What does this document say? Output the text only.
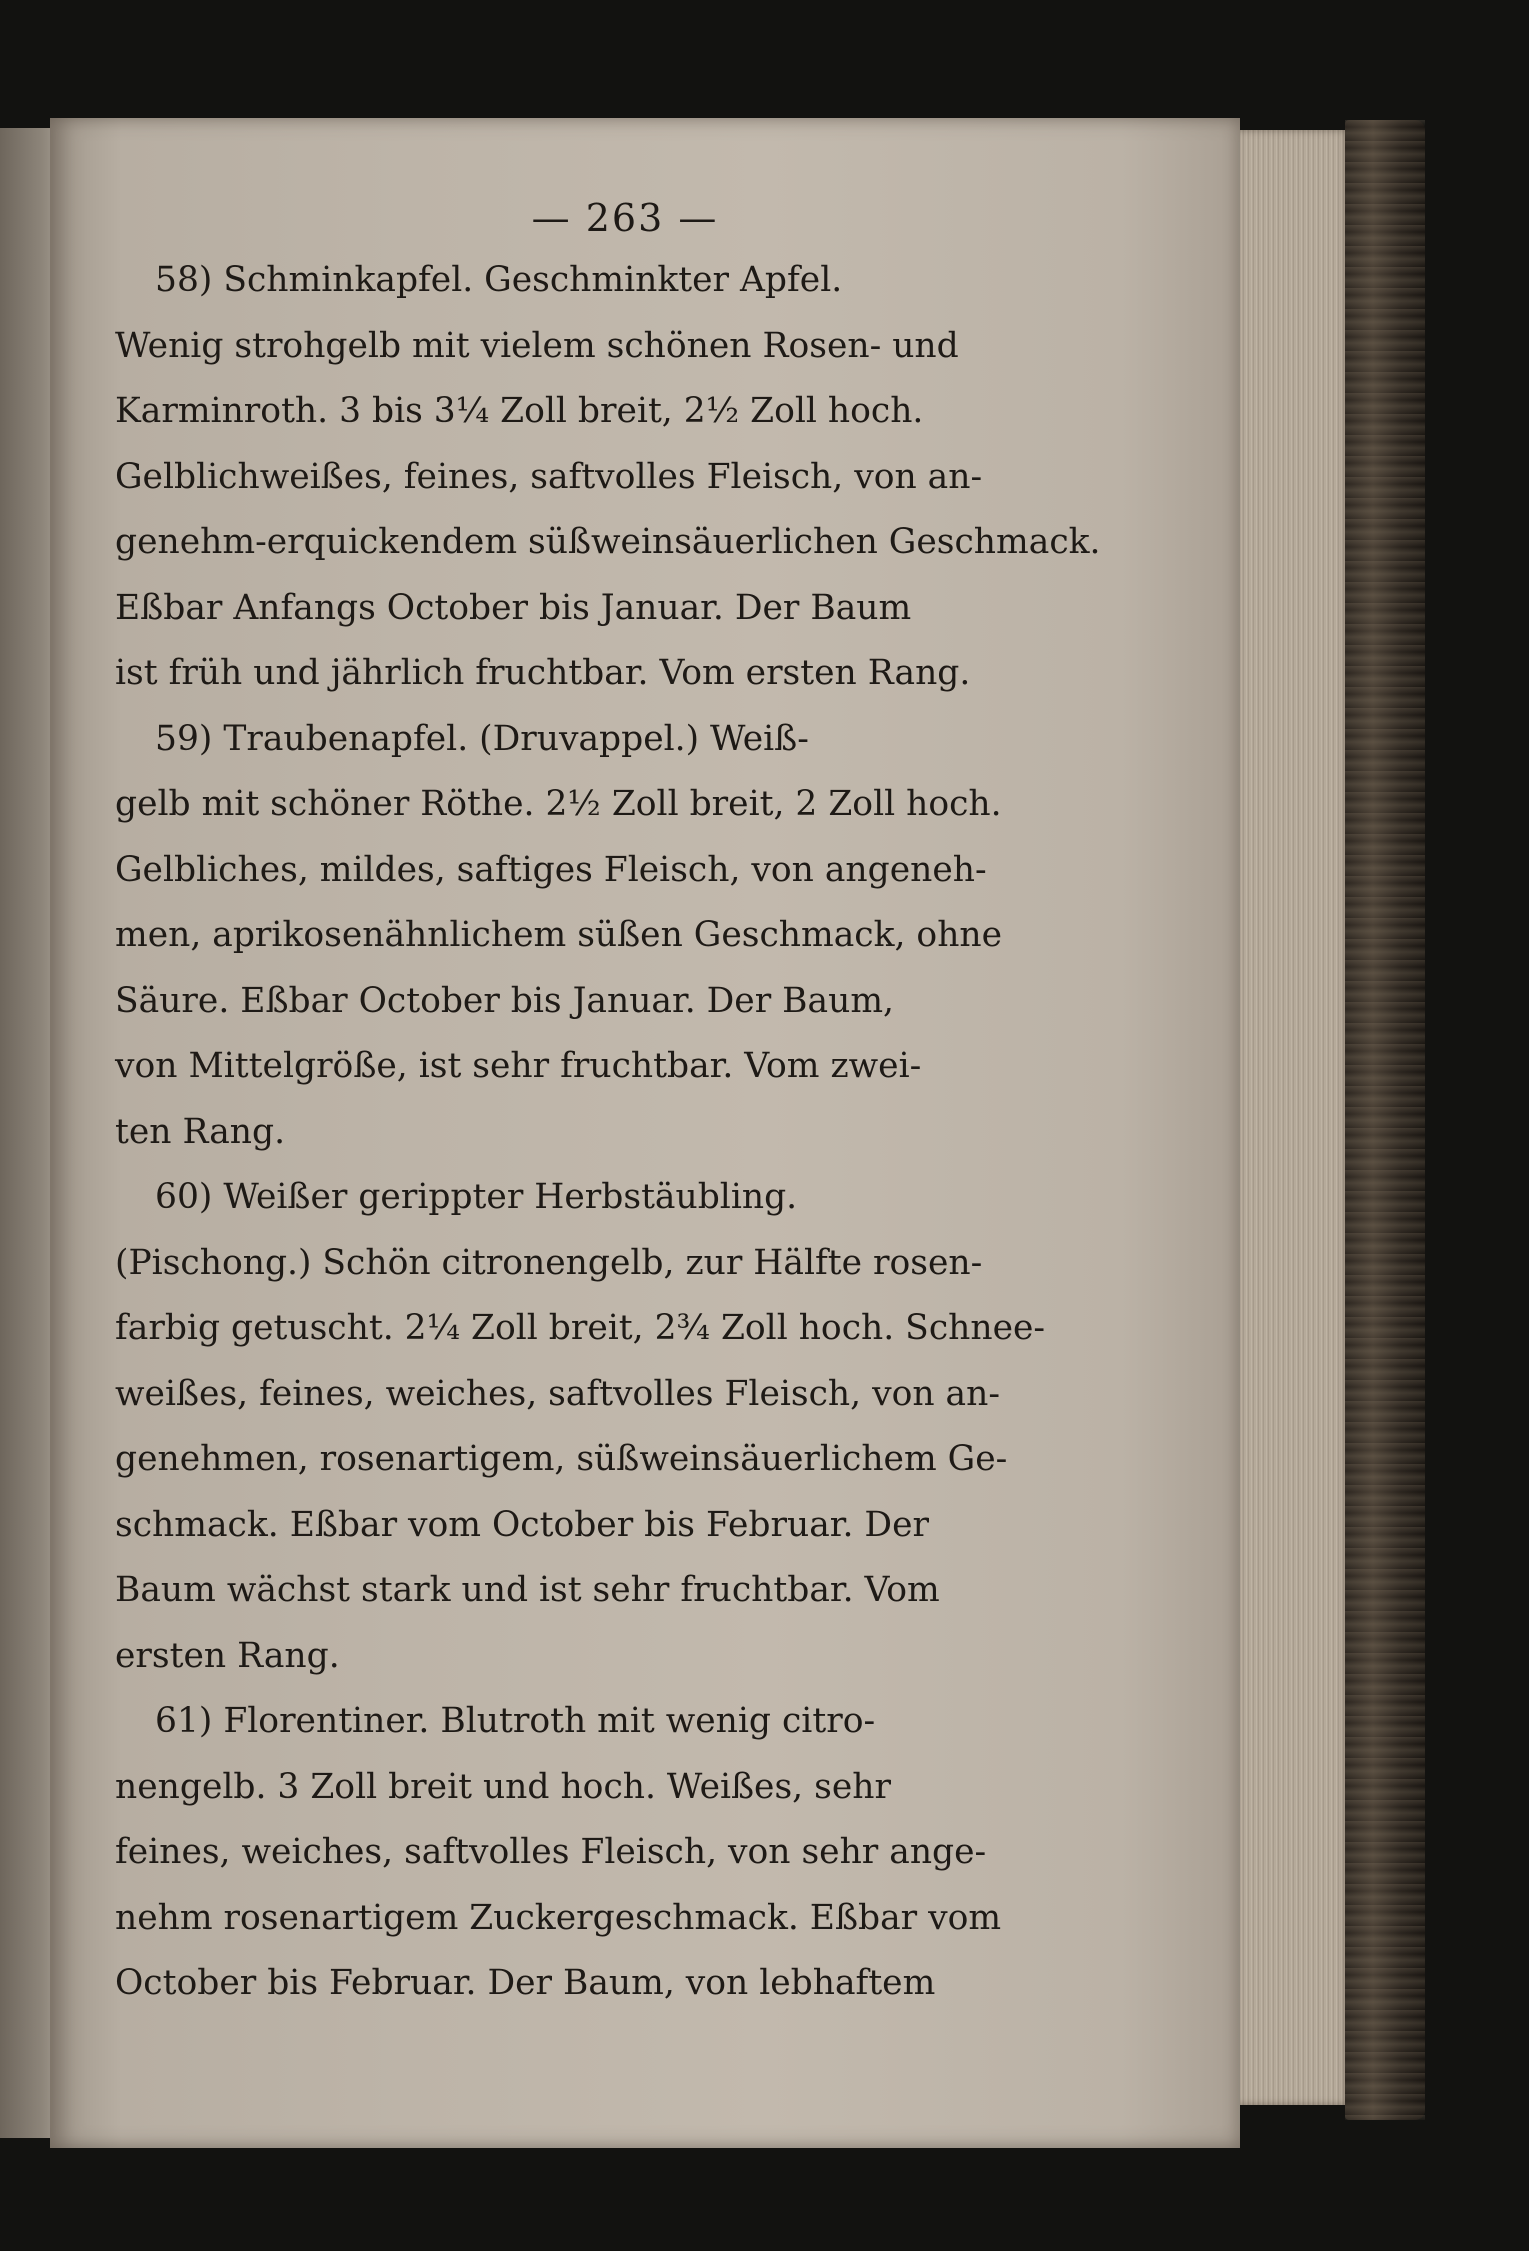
— 263 —
58) Schminkapfel. Geschminkter Apfel.
Wenig strohgelb mit vielem schönen Rosen- und
Karminroth. 3 bis 3¼ Zoll breit, 2½ Zoll hoch.
Gelblichweißes, feines, saftvolles Fleisch, von an-
genehm-erquickendem süßweinsäuerlichen Geschmack.
Eßbar Anfangs October bis Januar. Der Baum
ist früh und jährlich fruchtbar. Vom ersten Rang.
59) Traubenapfel. (Druvappel.) Weiß-
gelb mit schöner Röthe. 2½ Zoll breit, 2 Zoll hoch.
Gelbliches, mildes, saftiges Fleisch, von angeneh-
men, aprikosenähnlichem süßen Geschmack, ohne
Säure. Eßbar October bis Januar. Der Baum,
von Mittelgröße, ist sehr fruchtbar. Vom zwei-
ten Rang.
60) Weißer gerippter Herbstäubling.
(Pischong.) Schön citronengelb, zur Hälfte rosen-
farbig getuscht. 2¼ Zoll breit, 2¾ Zoll hoch. Schnee-
weißes, feines, weiches, saftvolles Fleisch, von an-
genehmen, rosenartigem, süßweinsäuerlichem Ge-
schmack. Eßbar vom October bis Februar. Der
Baum wächst stark und ist sehr fruchtbar. Vom
ersten Rang.
61) Florentiner. Blutroth mit wenig citro-
nengelb. 3 Zoll breit und hoch. Weißes, sehr
feines, weiches, saftvolles Fleisch, von sehr ange-
nehm rosenartigem Zuckergeschmack. Eßbar vom
October bis Februar. Der Baum, von lebhaftem
